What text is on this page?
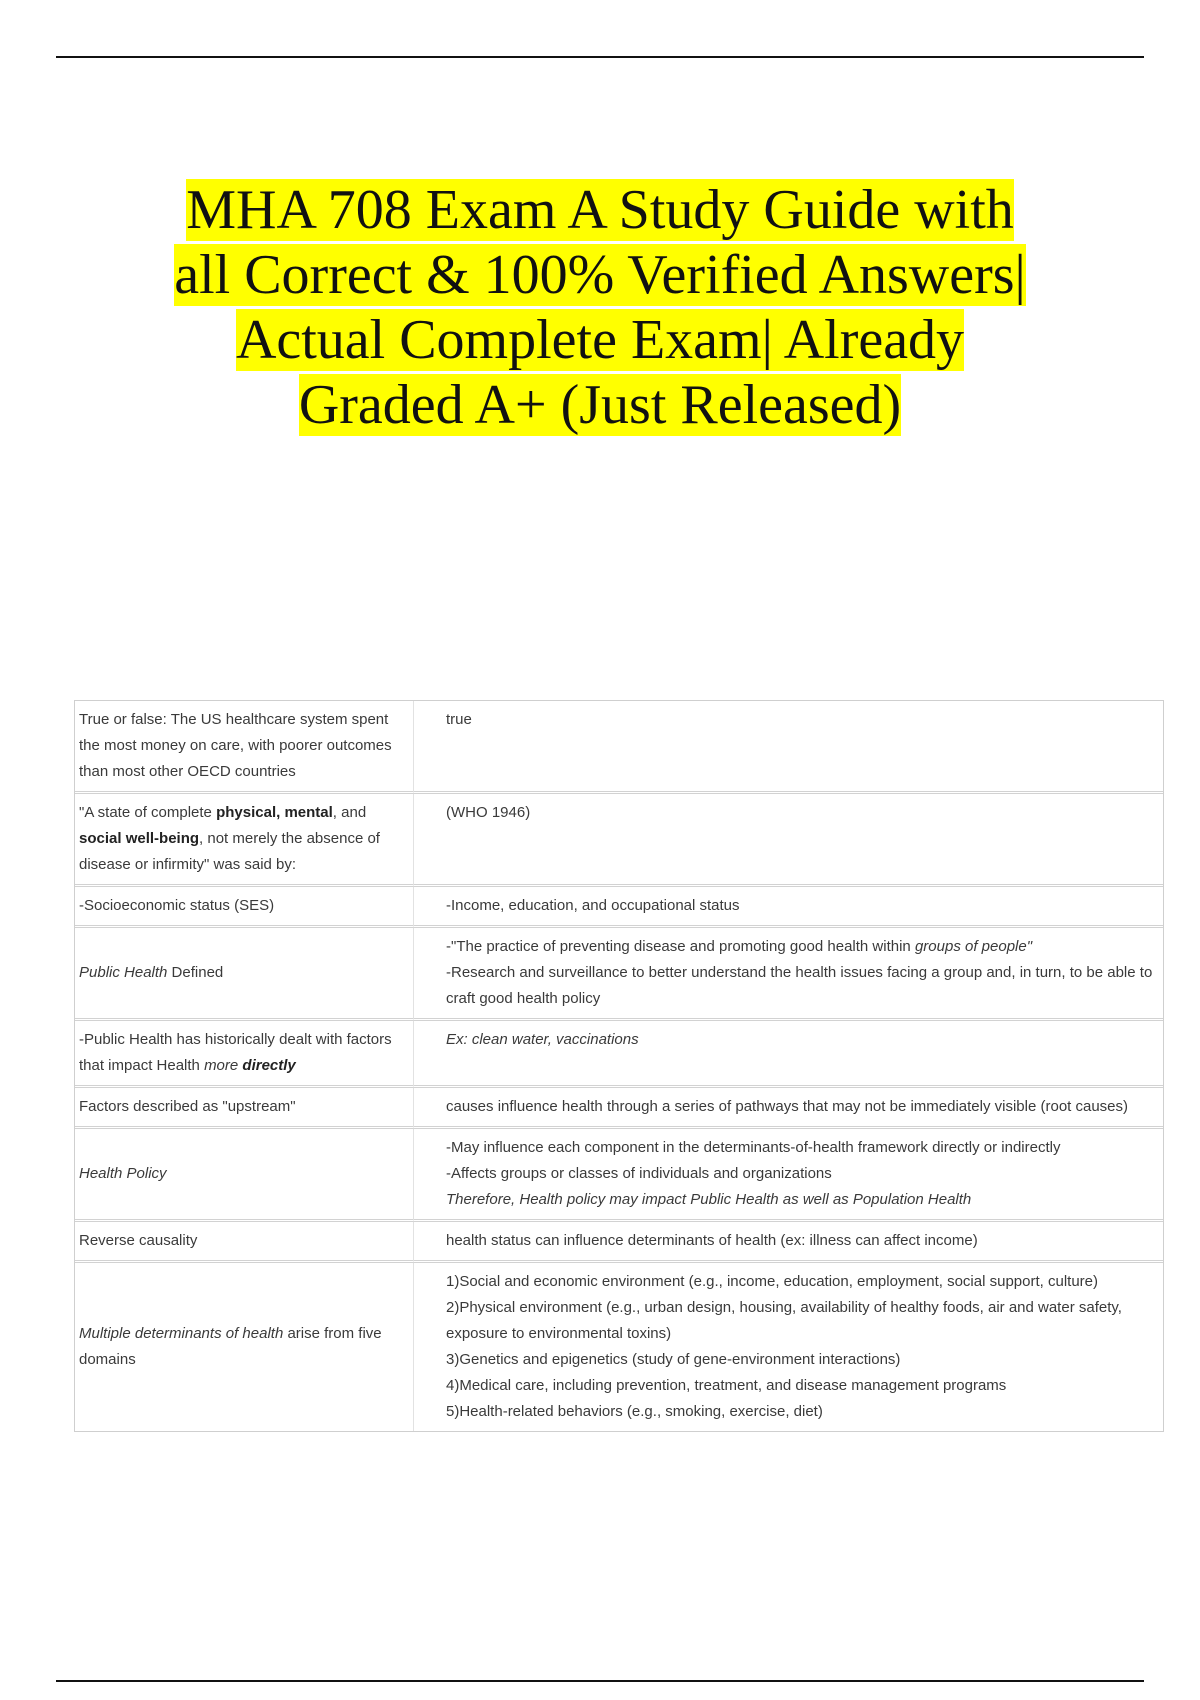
MHA 708 Exam A Study Guide with
all Correct & 100% Verified Answers|
Actual Complete Exam| Already
Graded A+ (Just Released)
True or false: The US healthcare system spent the most money on care, with poorer outcomes than most other OECD countries	true

"A state of complete physical, mental, and social well-being, not merely the absence of disease or infirmity" was said by:	(WHO 1946)

-Socioeconomic status (SES)	-Income, education, and occupational status

Public Health Defined	-"The practice of preventing disease and promoting good health within groups of people"
-Research and surveillance to better understand the health issues facing a group and, in turn, to be able to craft good health policy

-Public Health has historically dealt with factors that impact Health more directly	Ex: clean water, vaccinations

Factors described as "upstream"	causes influence health through a series of pathways that may not be immediately visible (root causes)

Health Policy	-May influence each component in the determinants-of-health framework directly or indirectly
-Affects groups or classes of individuals and organizations
Therefore, Health policy may impact Public Health as well as Population Health

Reverse causality	health status can influence determinants of health (ex: illness can affect income)

Multiple determinants of health arise from five domains	1)Social and economic environment (e.g., income, education, employment, social support, culture)
2)Physical environment (e.g., urban design, housing, availability of healthy foods, air and water safety, exposure to environmental toxins)
3)Genetics and epigenetics (study of gene-environment interactions)
4)Medical care, including prevention, treatment, and disease management programs
5)Health-related behaviors (e.g., smoking, exercise, diet)
